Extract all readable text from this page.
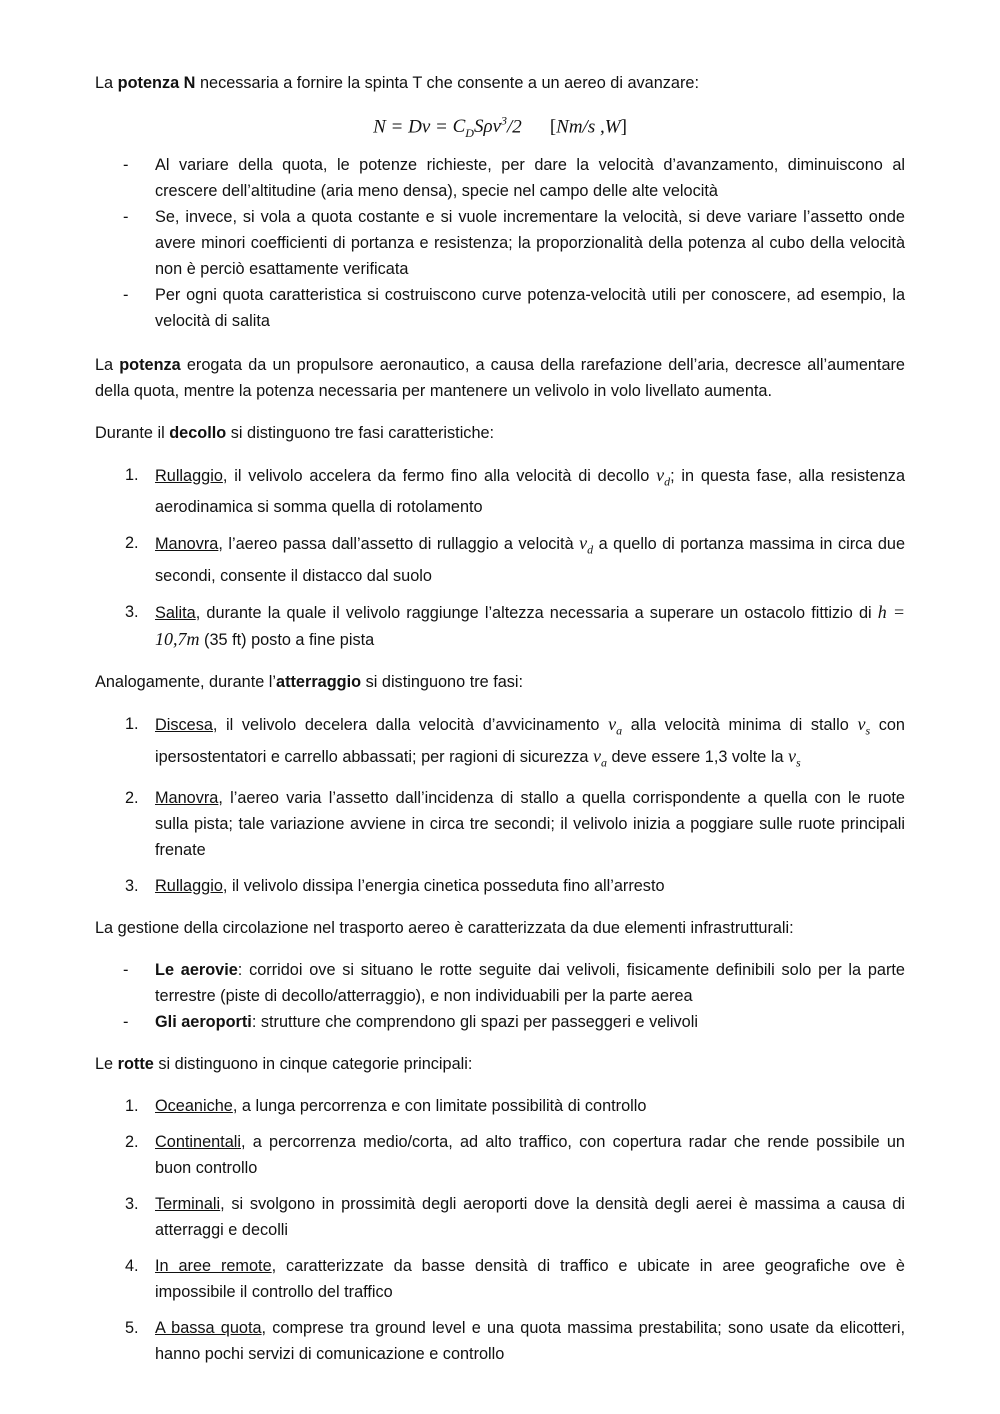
La potenza N necessaria a fornire la spinta T che consente a un aereo di avanzare:

$N = Dv = C_DS\rho v^3/2$ [Nm/s ,W]
- Al variare della quota, le potenze richieste, per dare la velocità d’avanzamento, diminuiscono al crescere dell’altitudine (aria meno densa), specie nel campo delle alte velocità
- Se, invece, si vola a quota costante e si vuole incrementare la velocità, si deve variare l’assetto onde avere minori coefficienti di portanza e resistenza; la proporzionalità della potenza al cubo della velocità non è perciò esattamente verificata
- Per ogni quota caratteristica si costruiscono curve potenza-velocità utili per conoscere, ad esempio, la velocità di salita

La potenza erogata da un propulsore aeronautico, a causa della rarefazione dell’aria, decresce all’aumentare della quota, mentre la potenza necessaria per mantenere un velivolo in volo livellato aumenta.

Durante il decollo si distinguono tre fasi caratteristiche:

1. Rullaggio, il velivolo accelera da fermo fino alla velocità di decollo $v_d$; in questa fase, alla resistenza aerodinamica si somma quella di rotolamento
2. Manovra, l’aereo passa dall’assetto di rullaggio a velocità $v_d$ a quello di portanza massima in circa due secondi, consente il distacco dal suolo
3. Salita, durante la quale il velivolo raggiunge l’altezza necessaria a superare un ostacolo fittizio di h = 10,7m (35 ft) posto a fine pista

Analogamente, durante l’atterraggio si distinguono tre fasi:

1. Discesa, il velivolo decelera dalla velocità d’avvicinamento $v_a$ alla velocità minima di stallo $v_s$ con ipersostentatori e carrello abbassati; per ragioni di sicurezza $v_a$ deve essere 1,3 volte la $v_s$
2. Manovra, l’aereo varia l’assetto dall’incidenza di stallo a quella corrispondente a quella con le ruote sulla pista; tale variazione avviene in circa tre secondi; il velivolo inizia a poggiare sulle ruote principali frenate
3. Rullaggio, il velivolo dissipa l’energia cinetica posseduta fino all’arresto

La gestione della circolazione nel trasporto aereo è caratterizzata da due elementi infrastrutturali:

- Le aerovie: corridoi ove si situano le rotte seguite dai velivoli, fisicamente definibili solo per la parte terrestre (piste di decollo/atterraggio), e non individuabili per la parte aerea
- Gli aeroporti: strutture che comprendono gli spazi per passeggeri e velivoli

Le rotte si distinguono in cinque categorie principali:

1. Oceaniche, a lunga percorrenza e con limitate possibilità di controllo
2. Continentali, a percorrenza medio/corta, ad alto traffico, con copertura radar che rende possibile un buon controllo
3. Terminali, si svolgono in prossimità degli aeroporti dove la densità degli aerei è massima a causa di atterraggi e decolli
4. In aree remote, caratterizzate da basse densità di traffico e ubicate in aree geografiche ove è impossibile il controllo del traffico
5. A bassa quota, comprese tra ground level e una quota massima prestabilita; sono usate da elicotteri, hanno pochi servizi di comunicazione e controllo
